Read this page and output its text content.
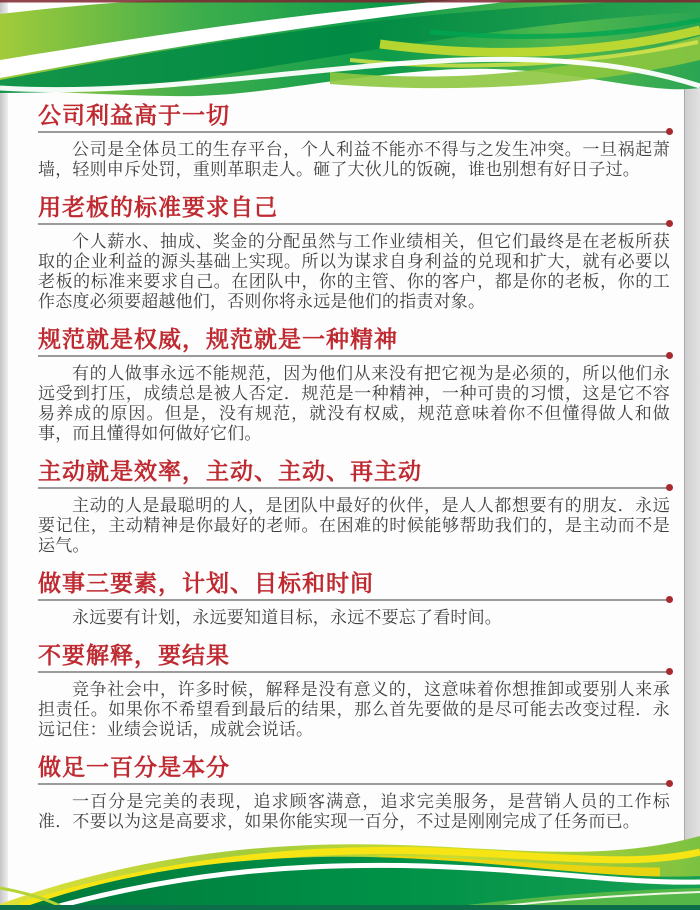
公司利益高于一切

公司是全体员工的生存平台，个人利益不能亦不得与之发生冲突。一旦祸起萧墙，轻则申斥处罚，重则革职走人。砸了大伙儿的饭碗，谁也别想有好日子过。

用老板的标准要求自己

个人薪水、抽成、奖金的分配虽然与工作业绩相关，但它们最终是在老板所获取的企业利益的源头基础上实现。所以为谋求自身利益的兑现和扩大，就有必要以老板的标准来要求自己。在团队中，你的主管、你的客户，都是你的老板，你的工作态度必须要超越他们，否则你将永远是他们的指责对象。

规范就是权威，规范就是一种精神

有的人做事永远不能规范，因为他们从来没有把它视为是必须的，所以他们永远受到打压，成绩总是被人否定．规范是一种精神，一种可贵的习惯，这是它不容易养成的原因。但是，没有规范，就没有权威，规范意味着你不但懂得做人和做事，而且懂得如何做好它们。

主动就是效率，主动、主动、再主动

主动的人是最聪明的人，是团队中最好的伙伴，是人人都想要有的朋友．永远要记住，主动精神是你最好的老师。在困难的时候能够帮助我们的，是主动而不是运气。

做事三要素，计划、目标和时间

永远要有计划，永远要知道目标，永远不要忘了看时间。

不要解释，要结果

竞争社会中，许多时候，解释是没有意义的，这意味着你想推卸或要别人来承担责任。如果你不希望看到最后的结果，那么首先要做的是尽可能去改变过程．永远记住：业绩会说话，成就会说话。

做足一百分是本分

一百分是完美的表现，追求顾客满意，追求完美服务，是营销人员的工作标准．不要以为这是高要求，如果你能实现一百分，不过是刚刚完成了任务而已。
